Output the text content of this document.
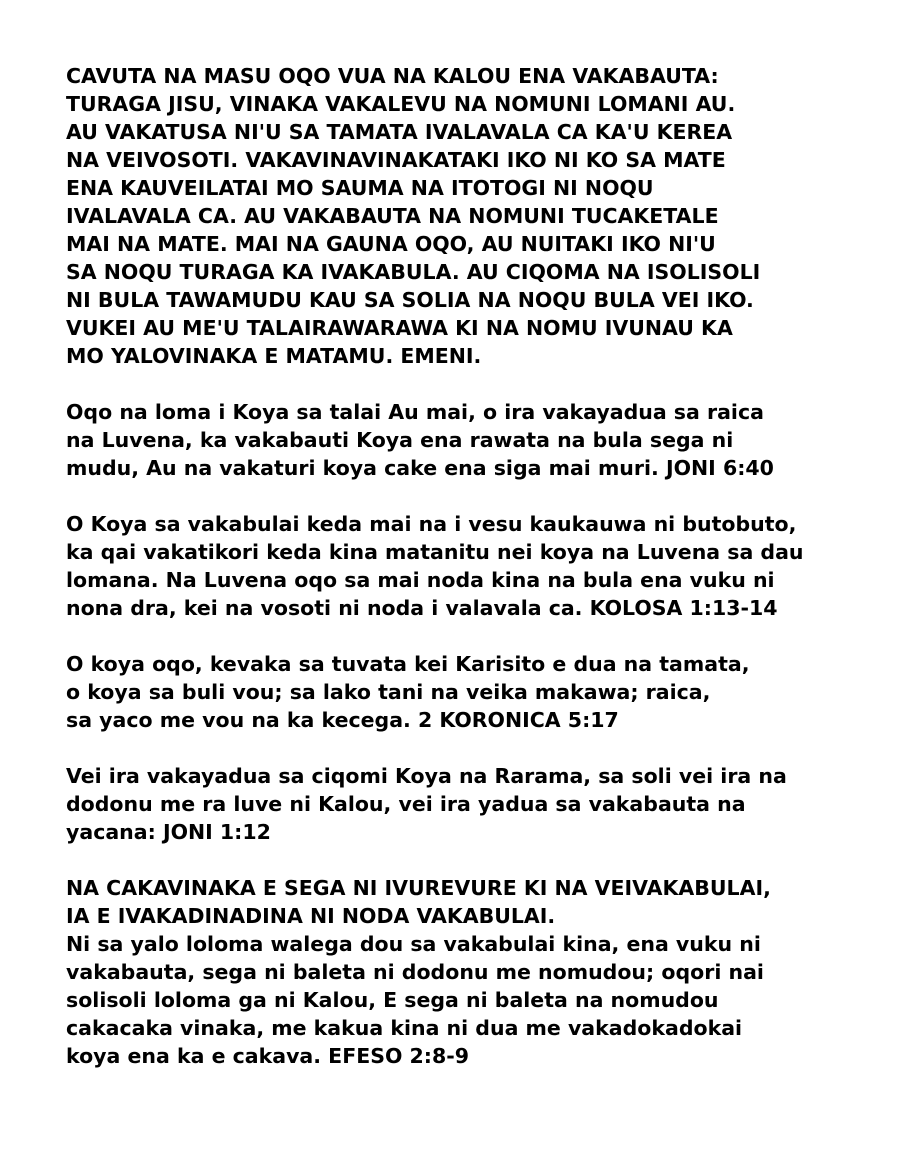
CAVUTA NA MASU OQO VUA NA KALOU ENA VAKABAUTA:
TURAGA JISU, VINAKA VAKALEVU NA NOMUNI LOMANI AU.
AU VAKATUSA NI'U SA TAMATA IVALAVALA CA KA'U KEREA
NA VEIVOSOTI. VAKAVINAVINAKATAKI IKO NI KO SA MATE
ENA KAUVEILATAI MO SAUMA NA ITOTOGI NI NOQU
IVALAVALA CA. AU VAKABAUTA NA NOMUNI TUCAKETALE
MAI NA MATE. MAI NA GAUNA OQO, AU NUITAKI IKO NI'U
SA NOQU TURAGA KA IVAKABULA. AU CIQOMA NA ISOLISOLI
NI BULA TAWAMUDU KAU SA SOLIA NA NOQU BULA VEI IKO.
VUKEI AU ME'U TALAIRAWARAWA KI NA NOMU IVUNAU KA
MO YALOVINAKA E MATAMU. EMENI.
Oqo na loma i Koya sa talai Au mai, o ira vakayadua sa raica
na Luvena, ka vakabauti Koya ena rawata na bula sega ni
mudu, Au na vakaturi koya cake ena siga mai muri. JONI 6:40
O Koya sa vakabulai keda mai na i vesu kaukauwa ni butobuto,
ka qai vakatikori keda kina matanitu nei koya na Luvena sa dau
lomana. Na Luvena oqo sa mai noda kina na bula ena vuku ni
nona dra, kei na vosoti ni noda i valavala ca. KOLOSA 1:13-14
O koya oqo, kevaka sa tuvata kei Karisito e dua na tamata,
o koya sa buli vou; sa lako tani na veika makawa; raica,
sa yaco me vou na ka kecega. 2 KORONICA 5:17
Vei ira vakayadua sa ciqomi Koya na Rarama, sa soli vei ira na
dodonu me ra luve ni Kalou, vei ira yadua sa vakabauta na
yacana: JONI 1:12
NA CAKAVINAKA E SEGA NI IVUREVURE KI NA VEIVAKABULAI,
IA E IVAKADINADINA NI NODA VAKABULAI.
Ni sa yalo loloma walega dou sa vakabulai kina, ena vuku ni
vakabauta, sega ni baleta ni dodonu me nomudou; oqori nai
solisoli loloma ga ni Kalou, E sega ni baleta na nomudou
cakacaka vinaka, me kakua kina ni dua me vakadokadokai
koya ena ka e cakava. EFESO 2:8-9
